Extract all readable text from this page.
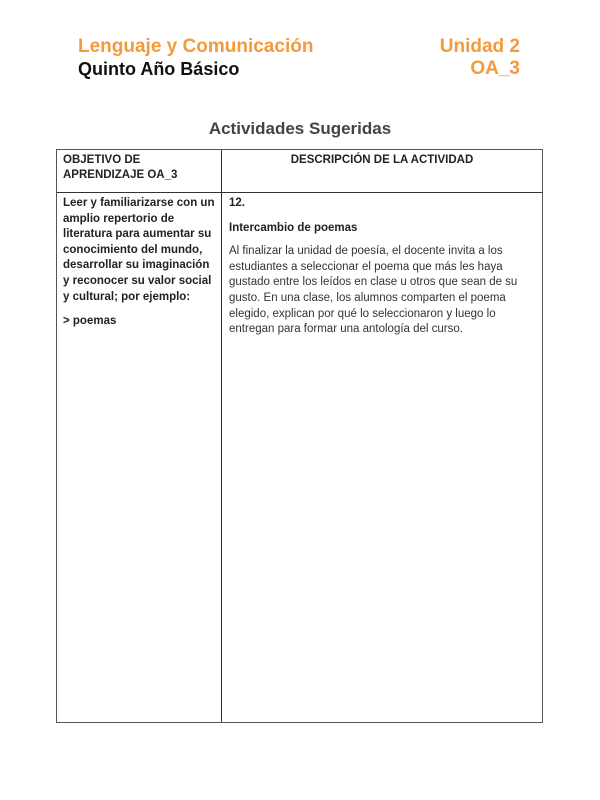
Lenguaje y Comunicación
Quinto Año Básico
Unidad 2
OA_3
Actividades Sugeridas
OBJETIVO DE APRENDIZAJE OA_3
DESCRIPCIÓN DE LA ACTIVIDAD

Leer y familiarizarse con un amplio repertorio de literatura para aumentar su conocimiento del mundo, desarrollar su imaginación y reconocer su valor social y cultural; por ejemplo:

> poemas

12.

Intercambio de poemas

Al finalizar la unidad de poesía, el docente invita a los estudiantes a seleccionar el poema que más les haya gustado entre los leídos en clase u otros que sean de su gusto. En una clase, los alumnos comparten el poema elegido, explican por qué lo seleccionaron y luego lo entregan para formar una antología del curso.
